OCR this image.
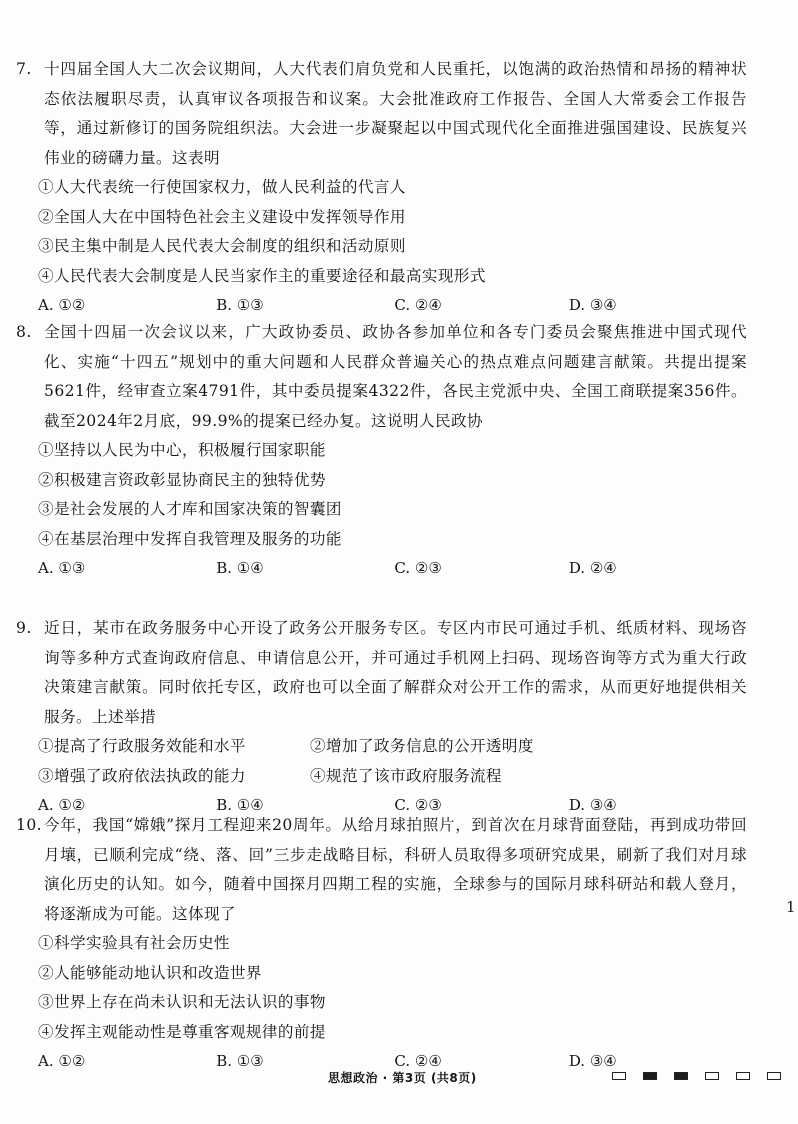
7. 十四届全国人大二次会议期间，人大代表们肩负党和人民重托，以饱满的政治热情和昂扬的精神状态依法履职尽责，认真审议各项报告和议案。大会批准政府工作报告、全国人大常委会工作报告等，通过新修订的国务院组织法。大会进一步凝聚起以中国式现代化全面推进强国建设、民族复兴伟业的磅礴力量。这表明
①人大代表统一行使国家权力，做人民利益的代言人
②全国人大在中国特色社会主义建设中发挥领导作用
③民主集中制是人民代表大会制度的组织和活动原则
④人民代表大会制度是人民当家作主的重要途径和最高实现形式
A. ①②	B. ①③	C. ②④	D. ③④
8. 全国十四届一次会议以来，广大政协委员、政协各参加单位和各专门委员会聚焦推进中国式现代化、实施“十四五”规划中的重大问题和人民群众普遍关心的热点难点问题建言献策。共提出提案5621件，经审查立案4791件，其中委员提案4322件，各民主党派中央、全国工商联提案356件。截至2024年2月底，99.9%的提案已经办复。这说明人民政协
①坚持以人民为中心，积极履行国家职能
②积极建言资政彰显协商民主的独特优势
③是社会发展的人才库和国家决策的智囊团
④在基层治理中发挥自我管理及服务的功能
A. ①③	B. ①④	C. ②③	D. ②④
9. 近日，某市在政务服务中心开设了政务公开服务专区。专区内市民可通过手机、纸质材料、现场咨询等多种方式查询政府信息、申请信息公开，并可通过手机网上扫码、现场咨询等方式为重大行政决策建言献策。同时依托专区，政府也可以全面了解群众对公开工作的需求，从而更好地提供相关服务。上述举措
①提高了行政服务效能和水平	②增加了政务信息的公开透明度
③增强了政府依法执政的能力	④规范了该市政府服务流程
A. ①②	B. ①④	C. ②③	D. ③④
10. 今年，我国“嫦娥”探月工程迎来20周年。从给月球拍照片，到首次在月球背面登陆，再到成功带回月壤，已顺利完成“绕、落、回”三步走战略目标，科研人员取得多项研究成果，刷新了我们对月球演化历史的认知。如今，随着中国探月四期工程的实施，全球参与的国际月球科研站和载人登月，将逐渐成为可能。这体现了
①科学实验具有社会历史性
②人能够能动地认识和改造世界
③世界上存在尚未认识和无法认识的事物
④发挥主观能动性是尊重客观规律的前提
A. ①②	B. ①③	C. ②④	D. ③④
1
思想政治 · 第3页 (共8页)
